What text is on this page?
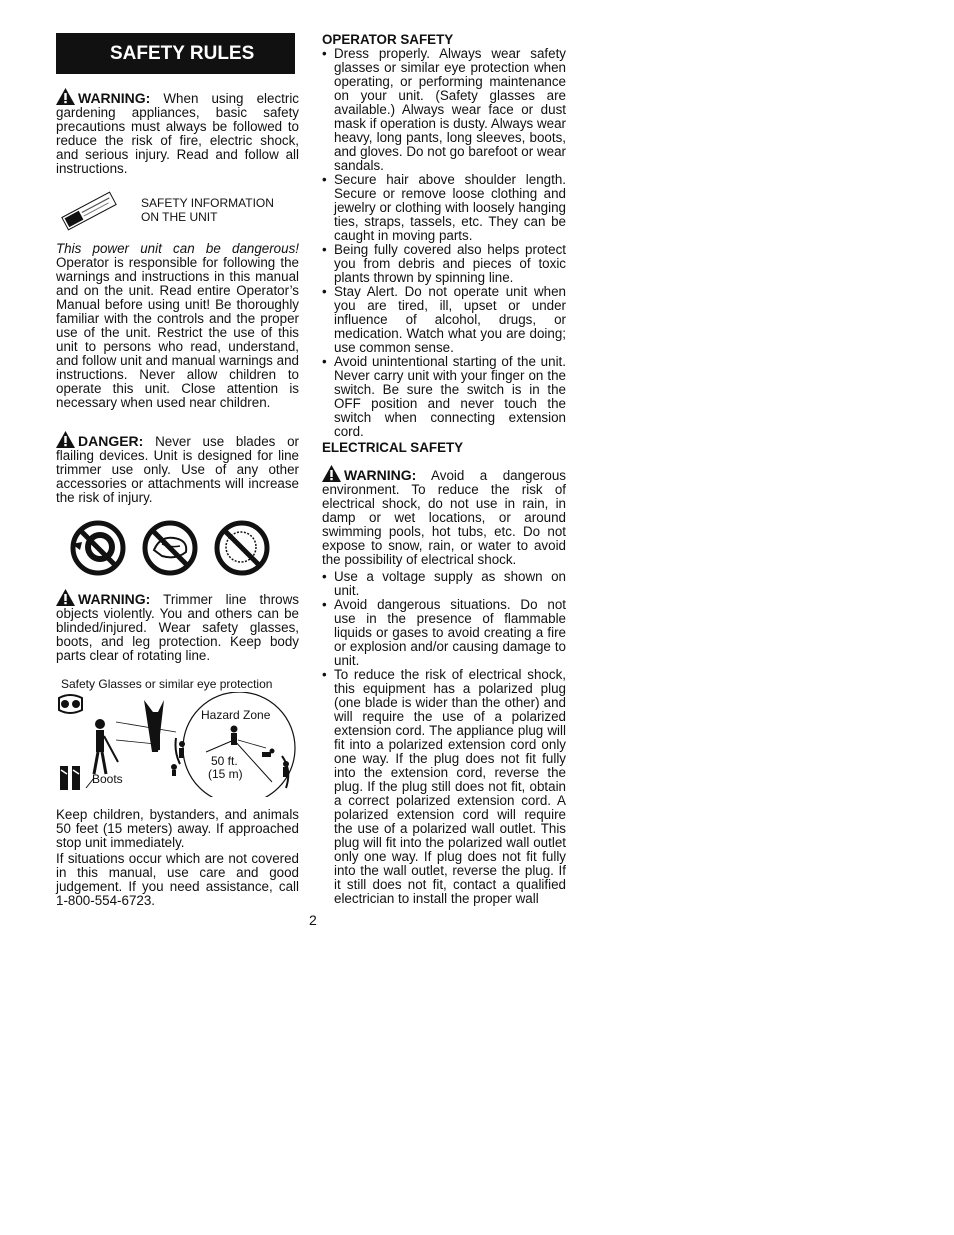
SAFETY RULES

WARNING: When using electric gardening appliances, basic safety precautions must always be followed to reduce the risk of fire, electric shock, and serious injury. Read and follow all instructions.

SAFETY INFORMATION
ON THE UNIT

This power unit can be dangerous! Operator is responsible for following the warnings and instructions in this manual and on the unit. Read entire Operator’s Manual before using unit! Be thoroughly familiar with the controls and the proper use of the unit. Restrict the use of this unit to persons who read, understand, and follow unit and manual warnings and instructions. Never allow children to operate this unit. Close attention is necessary when used near children.

DANGER: Never use blades or flailing devices. Unit is designed for line trimmer use only. Use of any other accessories or attachments will increase the risk of injury.

WARNING: Trimmer line throws objects violently. You and others can be blinded/injured. Wear safety glasses, boots, and leg protection. Keep body parts clear of rotating line.

Safety Glasses or similar eye protection
Hazard Zone
Boots
50 ft.
(15 m)

Keep children, bystanders, and animals 50 feet (15 meters) away. If approached stop unit immediately.

If situations occur which are not covered in this manual, use care and good judgement. If you need assistance, call 1-800-554-6723.

OPERATOR SAFETY
• Dress properly. Always wear safety glasses or similar eye protection when operating, or performing maintenance on your unit. (Safety glasses are available.) Always wear face or dust mask if operation is dusty. Always wear heavy, long pants, long sleeves, boots, and gloves. Do not go barefoot or wear sandals.
• Secure hair above shoulder length. Secure or remove loose clothing and jewelry or clothing with loosely hanging ties, straps, tassels, etc. They can be caught in moving parts.
• Being fully covered also helps protect you from debris and pieces of toxic plants thrown by spinning line.
• Stay Alert. Do not operate unit when you are tired, ill, upset or under influence of alcohol, drugs, or medication. Watch what you are doing; use common sense.
• Avoid unintentional starting of the unit. Never carry unit with your finger on the switch. Be sure the switch is in the OFF position and never touch the switch when connecting extension cord.
ELECTRICAL SAFETY

WARNING: Avoid a dangerous environment. To reduce the risk of electrical shock, do not use in rain, in damp or wet locations, or around swimming pools, hot tubs, etc. Do not expose to snow, rain, or water to avoid the possibility of electrical shock.

• Use a voltage supply as shown on unit.
• Avoid dangerous situations. Do not use in the presence of flammable liquids or gases to avoid creating a fire or explosion and/or causing damage to unit.
• To reduce the risk of electrical shock, this equipment has a polarized plug (one blade is wider than the other) and will require the use of a polarized extension cord. The appliance plug will fit into a polarized extension cord only one way. If the plug does not fit fully into the extension cord, reverse the plug. If the plug still does not fit, obtain a correct polarized extension cord. A polarized extension cord will require the use of a polarized wall outlet. This plug will fit into the polarized wall outlet only one way. If plug does not fit fully into the wall outlet, reverse the plug. If it still does not fit, contact a qualified electrician to install the proper wall
2
